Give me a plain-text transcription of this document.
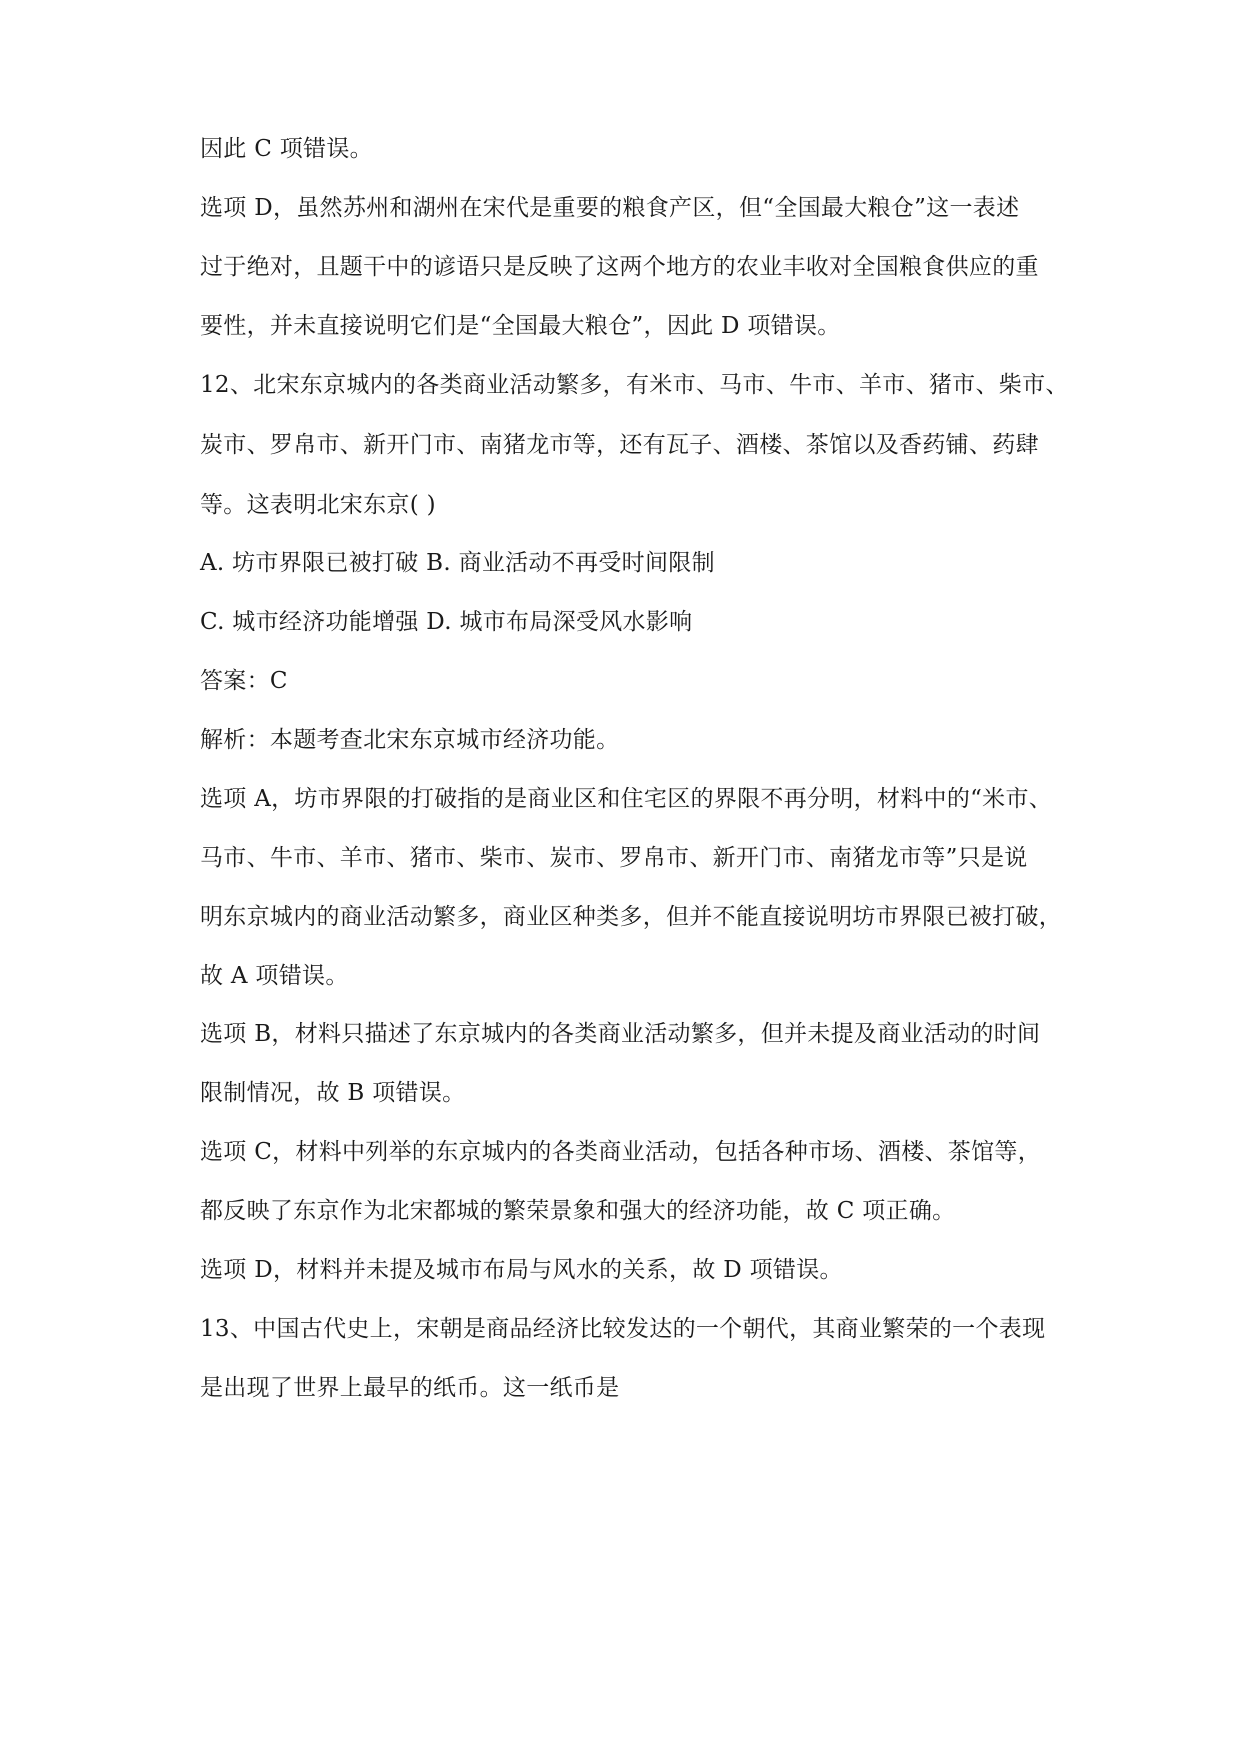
因此 C 项错误。

选项 D，虽然苏州和湖州在宋代是重要的粮食产区，但“全国最大粮仓”这一表述

过于绝对，且题干中的谚语只是反映了这两个地方的农业丰收对全国粮食供应的重

要性，并未直接说明它们是“全国最大粮仓”，因此 D 项错误。

12、北宋东京城内的各类商业活动繁多，有米市、马市、牛市、羊市、猪市、柴市、

炭市、罗帛市、新开门市、南猪龙市等，还有瓦子、酒楼、茶馆以及香药铺、药肆

等。这表明北宋东京( )

A. 坊市界限已被打破 B. 商业活动不再受时间限制

C. 城市经济功能增强 D. 城市布局深受风水影响

答案：C

解析：本题考查北宋东京城市经济功能。

选项 A，坊市界限的打破指的是商业区和住宅区的界限不再分明，材料中的“米市、

马市、牛市、羊市、猪市、柴市、炭市、罗帛市、新开门市、南猪龙市等”只是说

明东京城内的商业活动繁多，商业区种类多，但并不能直接说明坊市界限已被打破，

故 A 项错误。

选项 B，材料只描述了东京城内的各类商业活动繁多，但并未提及商业活动的时间

限制情况，故 B 项错误。

选项 C，材料中列举的东京城内的各类商业活动，包括各种市场、酒楼、茶馆等，

都反映了东京作为北宋都城的繁荣景象和强大的经济功能，故 C 项正确。

选项 D，材料并未提及城市布局与风水的关系，故 D 项错误。

13、中国古代史上，宋朝是商品经济比较发达的一个朝代，其商业繁荣的一个表现

是出现了世界上最早的纸币。这一纸币是
